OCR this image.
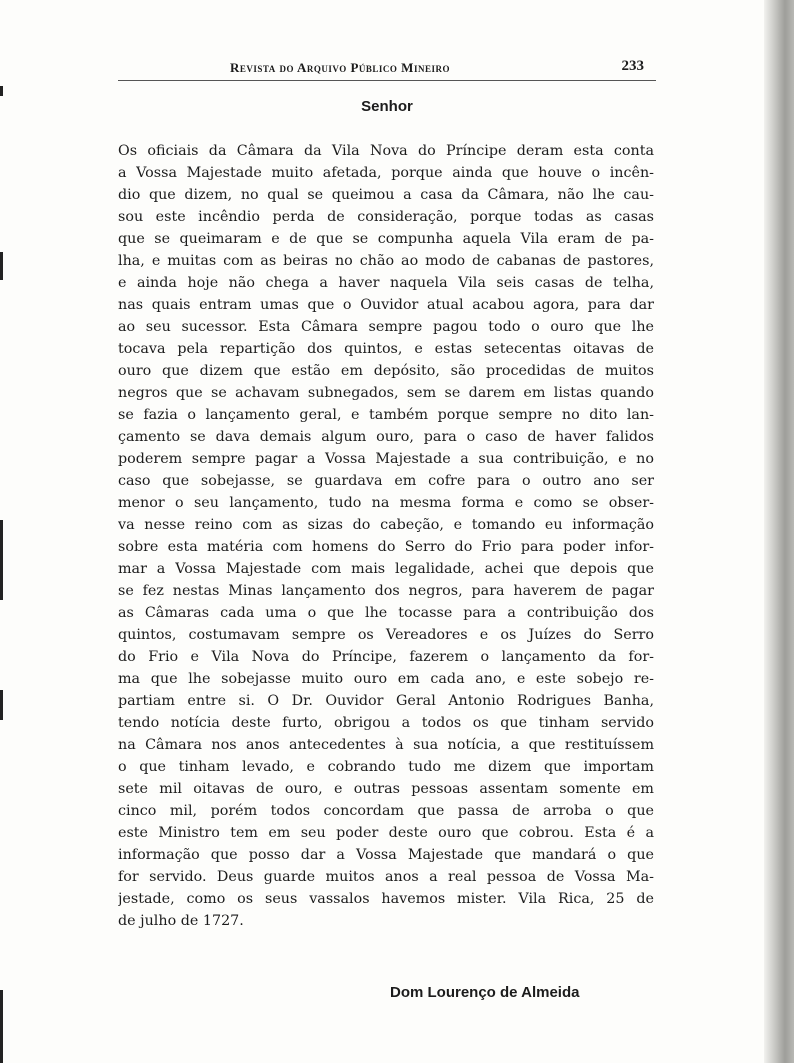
Revista do Arquivo Público Mineiro	233
Senhor
Os oficiais da Câmara da Vila Nova do Príncipe deram esta conta
a Vossa Majestade muito afetada, porque ainda que houve o incên-
dio que dizem, no qual se queimou a casa da Câmara, não lhe cau-
sou este incêndio perda de consideração, porque todas as casas
que se queimaram e de que se compunha aquela Vila eram de pa-
lha, e muitas com as beiras no chão ao modo de cabanas de pastores,
e ainda hoje não chega a haver naquela Vila seis casas de telha,
nas quais entram umas que o Ouvidor atual acabou agora, para dar
ao seu sucessor. Esta Câmara sempre pagou todo o ouro que lhe
tocava pela repartição dos quintos, e estas setecentas oitavas de
ouro que dizem que estão em depósito, são procedidas de muitos
negros que se achavam subnegados, sem se darem em listas quando
se fazia o lançamento geral, e também porque sempre no dito lan-
çamento se dava demais algum ouro, para o caso de haver falidos
poderem sempre pagar a Vossa Majestade a sua contribuição, e no
caso que sobejasse, se guardava em cofre para o outro ano ser
menor o seu lançamento, tudo na mesma forma e como se obser-
va nesse reino com as sizas do cabeção, e tomando eu informação
sobre esta matéria com homens do Serro do Frio para poder infor-
mar a Vossa Majestade com mais legalidade, achei que depois que
se fez nestas Minas lançamento dos negros, para haverem de pagar
as Câmaras cada uma o que lhe tocasse para a contribuição dos
quintos, costumavam sempre os Vereadores e os Juízes do Serro
do Frio e Vila Nova do Príncipe, fazerem o lançamento da for-
ma que lhe sobejasse muito ouro em cada ano, e este sobejo re-
partiam entre si. O Dr. Ouvidor Geral Antonio Rodrigues Banha,
tendo notícia deste furto, obrigou a todos os que tinham servido
na Câmara nos anos antecedentes à sua notícia, a que restituíssem
o que tinham levado, e cobrando tudo me dizem que importam
sete mil oitavas de ouro, e outras pessoas assentam somente em
cinco mil, porém todos concordam que passa de arroba o que
este Ministro tem em seu poder deste ouro que cobrou. Esta é a
informação que posso dar a Vossa Majestade que mandará o que
for servido. Deus guarde muitos anos a real pessoa de Vossa Ma-
jestade, como os seus vassalos havemos mister. Vila Rica, 25 de
de julho de 1727.
Dom Lourenço de Almeida
